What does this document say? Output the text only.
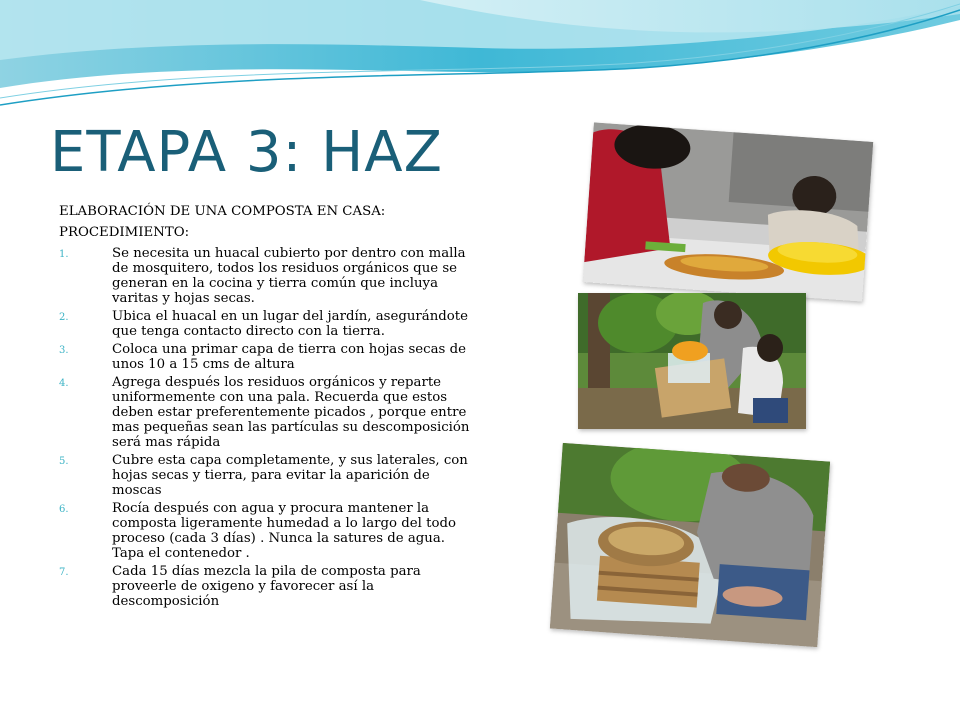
ETAPA 3: HAZ

ELABORACIÓN DE UNA COMPOSTA EN CASA:

PROCEDIMIENTO:

1.	Se necesita un huacal cubierto por dentro con malla de mosquitero, todos los residuos orgánicos que se generan en la cocina y tierra común que incluya varitas y hojas secas.
2.	Ubica el huacal en un lugar del jardín, asegurándote que tenga contacto directo con la tierra.
3.	Coloca una primar capa de tierra con hojas secas de unos 10 a 15 cms de altura
4.	Agrega después los residuos orgánicos y reparte uniformemente con una pala. Recuerda que estos deben estar preferentemente picados , porque entre mas pequeñas sean las partículas su descomposición será mas rápida
5.	Cubre esta capa completamente, y sus laterales, con hojas secas y tierra, para evitar la aparición de moscas
6.	Rocía después con agua y procura mantener la composta ligeramente humedad a lo largo del todo proceso (cada 3 días) . Nunca la satures de agua. Tapa el contenedor .
7.	Cada 15 días mezcla la pila de composta para proveerle de oxigeno y favorecer así la descomposición
